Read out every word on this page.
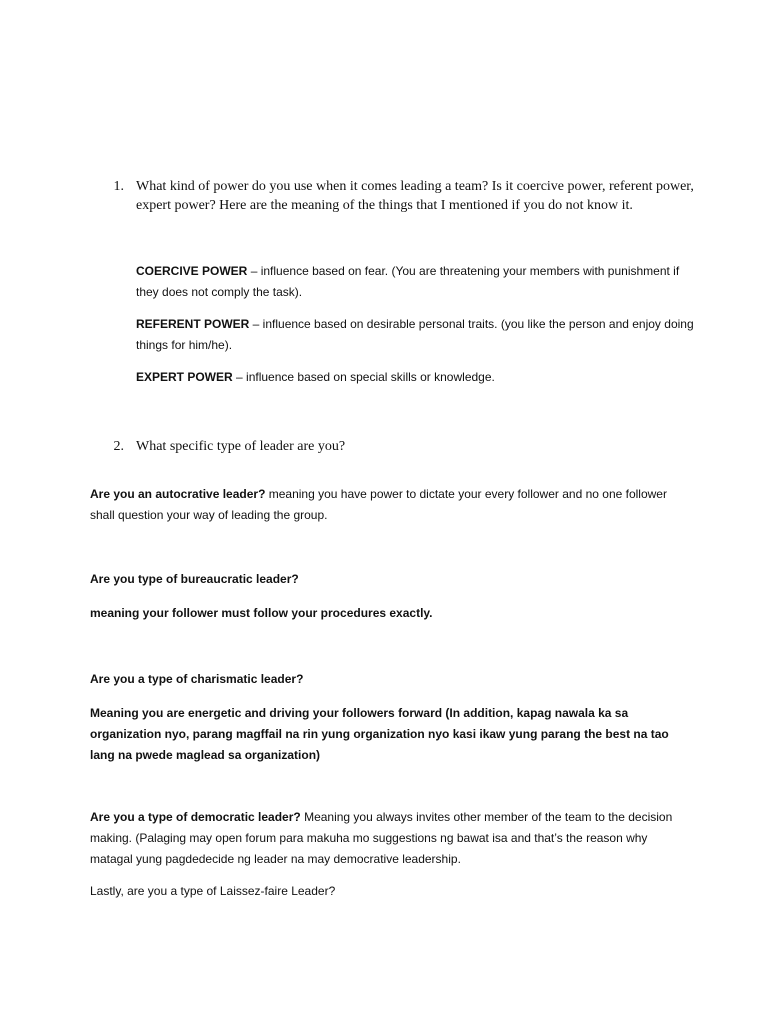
1. What kind of power do you use when it comes leading a team? Is it coercive power, referent power, expert power? Here are the meaning of the things that I mentioned if you do not know it.
COERCIVE POWER – influence based on fear. (You are threatening your members with punishment if they does not comply the task).
REFERENT POWER – influence based on desirable personal traits. (you like the person and enjoy doing things for him/he).
EXPERT POWER – influence based on special skills or knowledge.
2. What specific type of leader are you?
Are you an autocrative leader? meaning you have power to dictate your every follower and no one follower shall question your way of leading the group.
Are you type of bureaucratic leader?
meaning your follower must follow your procedures exactly.
Are you a type of charismatic leader?
Meaning you are energetic and driving your followers forward (In addition, kapag nawala ka sa organization nyo, parang magffail na rin yung organization nyo kasi ikaw yung parang the best na tao lang na pwede maglead sa organization)
Are you a type of democratic leader? Meaning you always invites other member of the team to the decision making. (Palaging may open forum para makuha mo suggestions ng bawat isa and that’s the reason why matagal yung pagdedecide ng leader na may democrative leadership.
Lastly, are you a type of Laissez-faire Leader?
